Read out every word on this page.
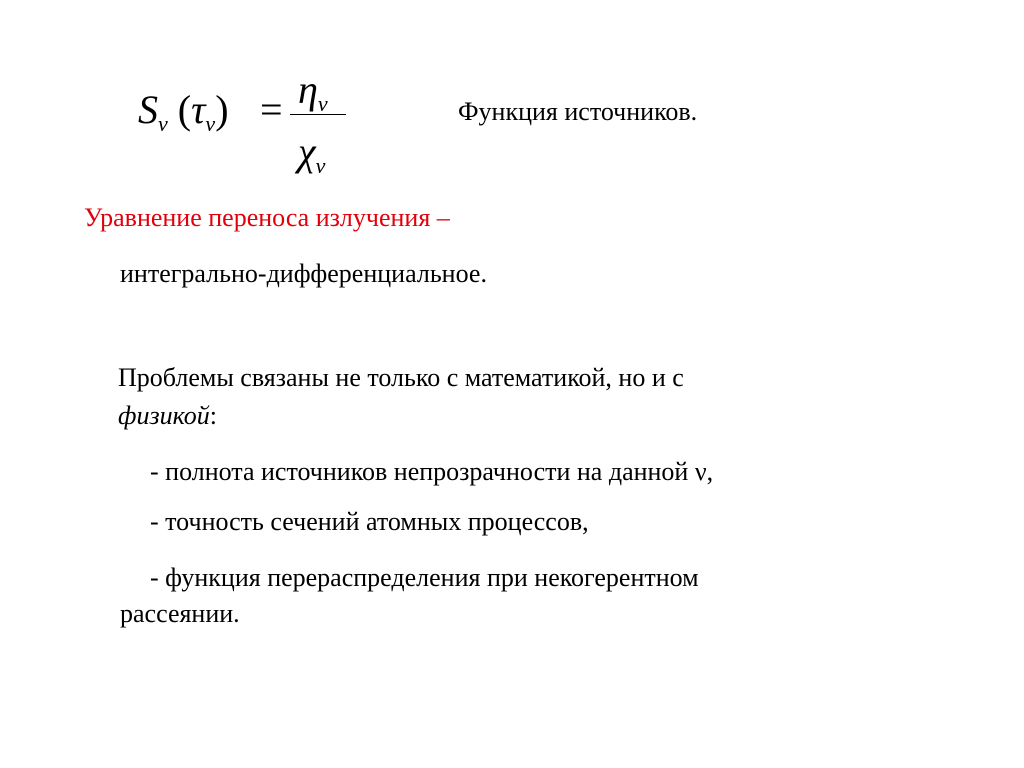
$S_\nu$ $(\tau_\nu) = \eta_\nu$
$\chi_\nu$
Функция источников.
Уравнение переноса излучения –
интегрально-дифференциальное.
Проблемы связаны не только с математикой, но и с
физикой:
- полнота источников непрозрачности на данной ν,
- точность сечений атомных процессов,
- функция перераспределения при некогерентном
рассеянии.
